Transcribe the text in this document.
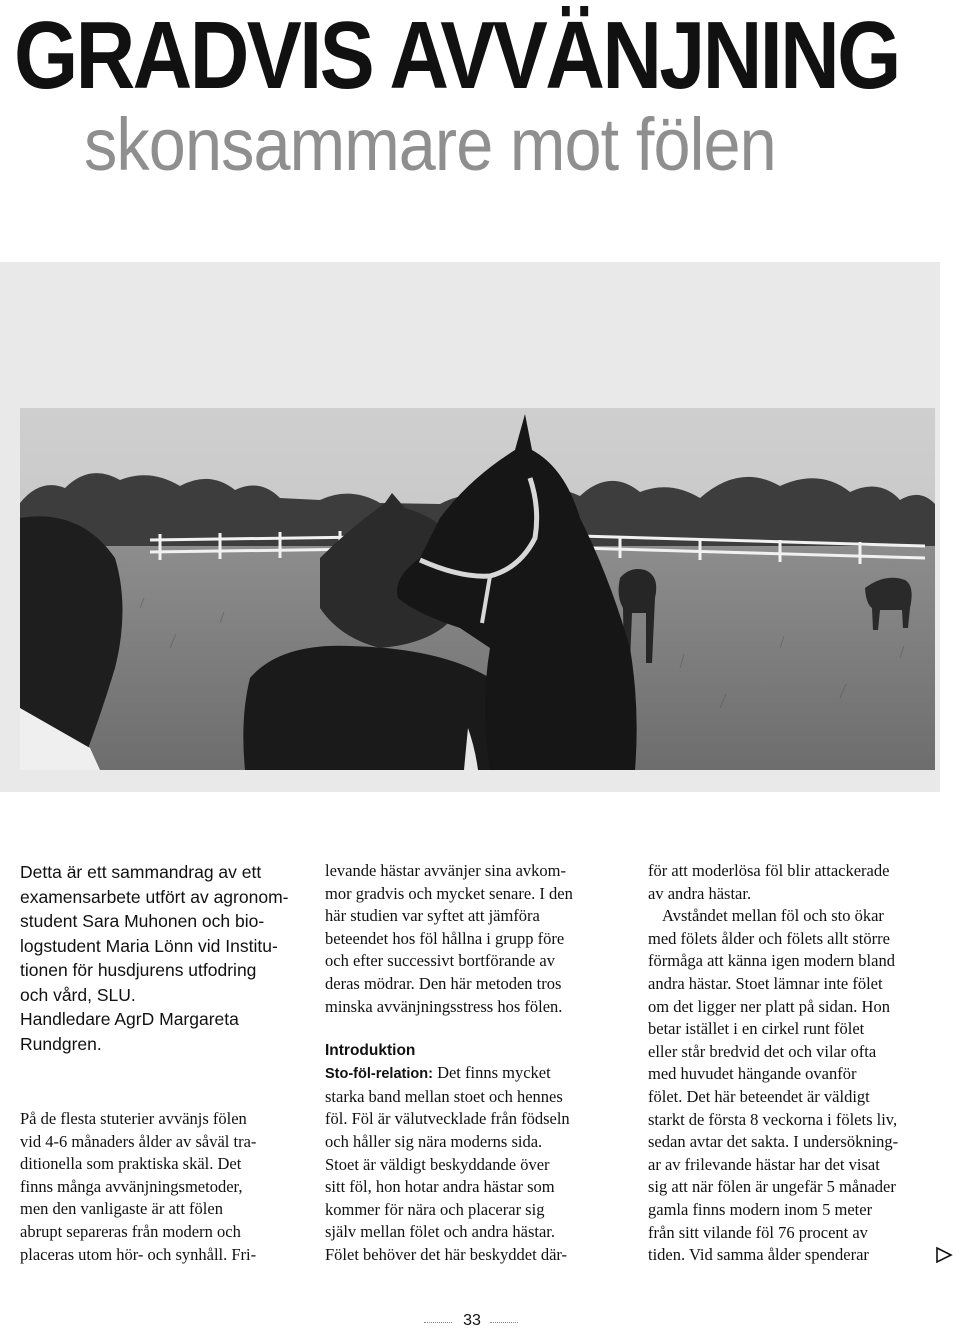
GRADVIS AVVÄNJNING
skonsammare mot fölen
Detta är ett sammandrag av ett
examensarbete utfört av agronom-
student Sara Muhonen och bio-
logstudent Maria Lönn vid Institu-
tionen för husdjurens utfodring
och vård, SLU.
Handledare AgrD Margareta
Rundgren.
På de flesta stuterier avvänjs fölen
vid 4-6 månaders ålder av såväl tra-
ditionella som praktiska skäl. Det
finns många avvänjningsmetoder,
men den vanligaste är att fölen
abrupt separeras från modern och
placeras utom hör- och synhåll. Fri-
levande hästar avvänjer sina avkom-
mor gradvis och mycket senare. I den
här studien var syftet att jämföra
beteendet hos föl hållna i grupp före
och efter successivt bortförande av
deras mödrar. Den här metoden tros
minska avvänjningsstress hos fölen.
Introduktion
Sto-föl-relation: Det finns mycket
starka band mellan stoet och hennes
föl. Föl är välutvecklade från födseln
och håller sig nära moderns sida.
Stoet är väldigt beskyddande över
sitt föl, hon hotar andra hästar som
kommer för nära och placerar sig
själv mellan fölet och andra hästar.
Fölet behöver det här beskyddet där-
för att moderlösa föl blir attackerade
av andra hästar.
Avståndet mellan föl och sto ökar
med fölets ålder och fölets allt större
förmåga att känna igen modern bland
andra hästar. Stoet lämnar inte fölet
om det ligger ner platt på sidan. Hon
betar istället i en cirkel runt fölet
eller står bredvid det och vilar ofta
med huvudet hängande ovanför
fölet. Det här beteendet är väldigt
starkt de första 8 veckorna i fölets liv,
sedan avtar det sakta. I undersökning-
ar av frilevande hästar har det visat
sig att när fölen är ungefär 5 månader
gamla finns modern inom 5 meter
från sitt vilande föl 76 procent av
tiden. Vid samma ålder spenderar
33
